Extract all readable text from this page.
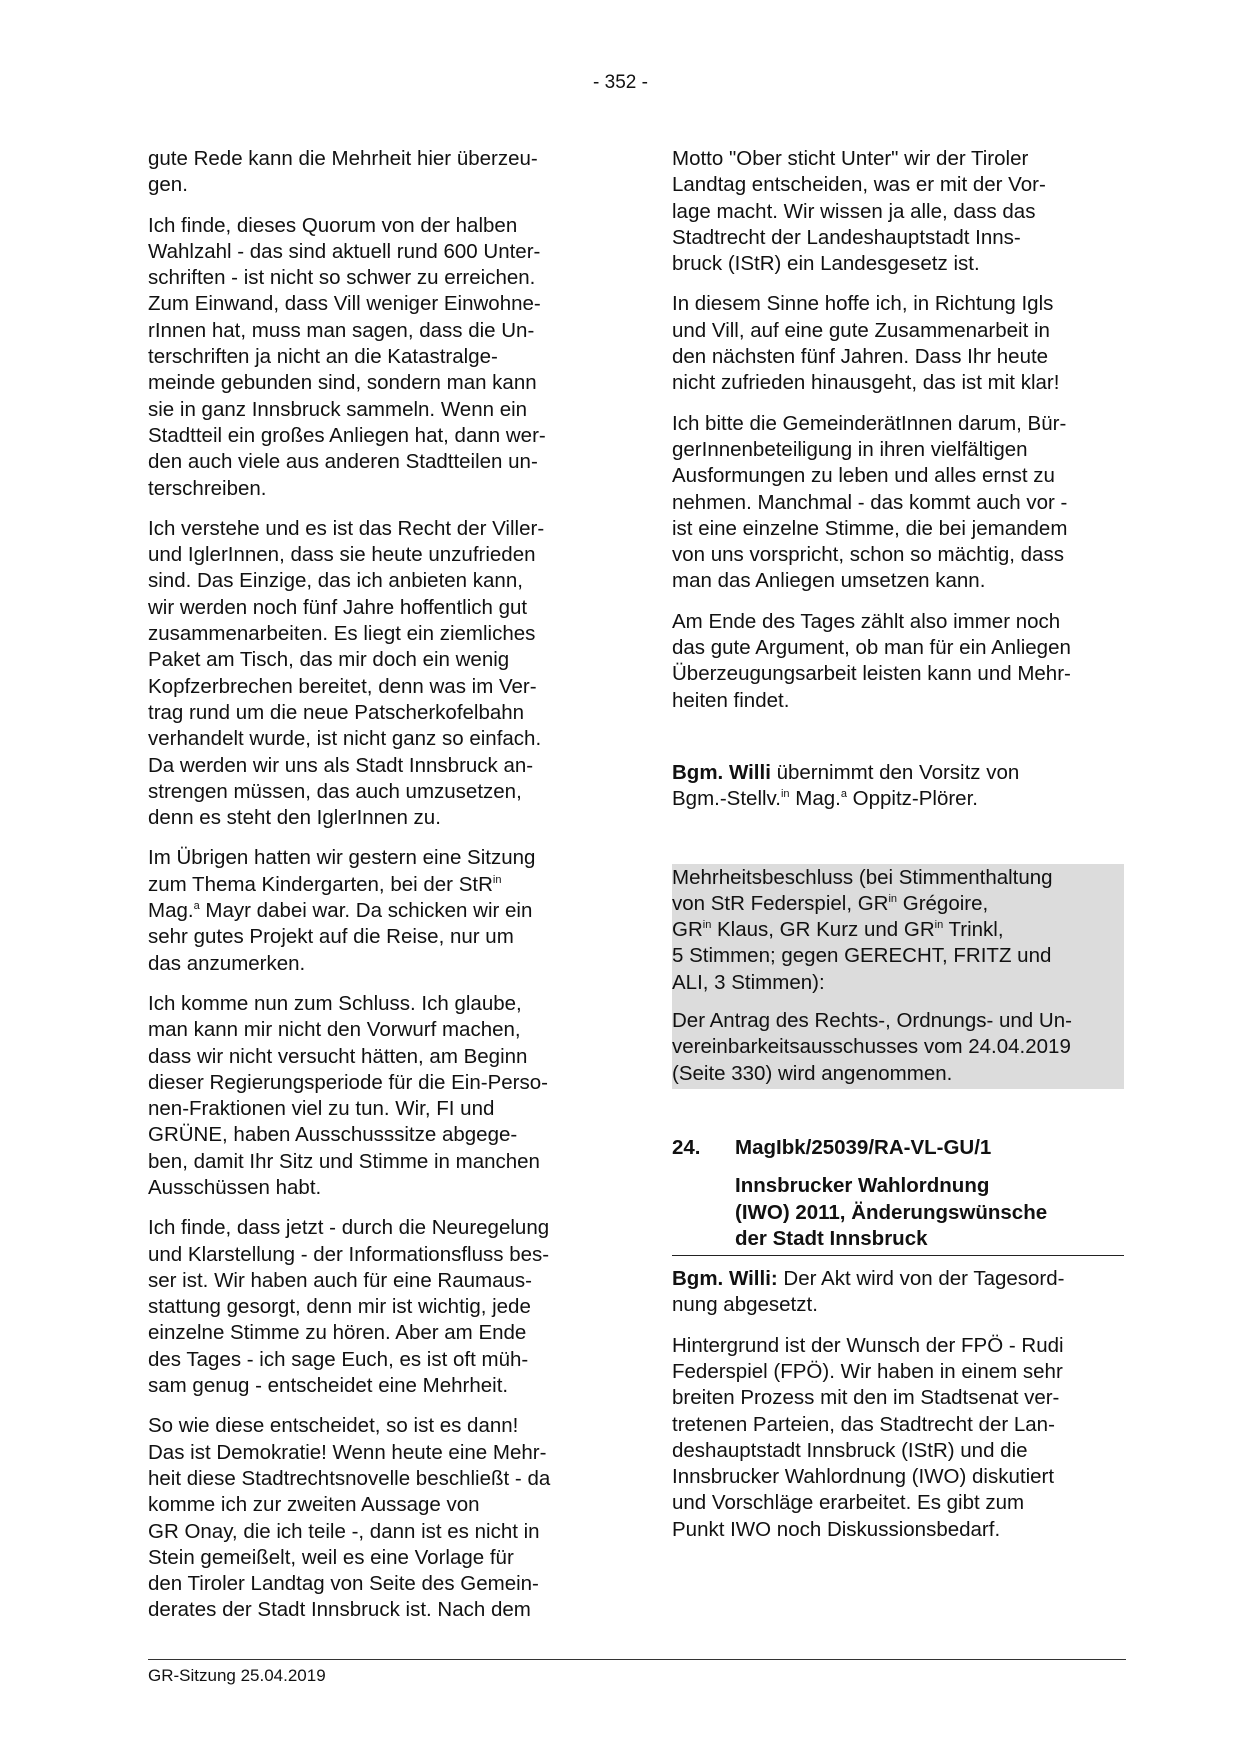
- 352 -
gute Rede kann die Mehrheit hier überzeu-
gen.
Ich finde, dieses Quorum von der halben
Wahlzahl - das sind aktuell rund 600 Unter-
schriften - ist nicht so schwer zu erreichen.
Zum Einwand, dass Vill weniger Einwohne-
rInnen hat, muss man sagen, dass die Un-
terschriften ja nicht an die Katastralge-
meinde gebunden sind, sondern man kann
sie in ganz Innsbruck sammeln. Wenn ein
Stadtteil ein großes Anliegen hat, dann wer-
den auch viele aus anderen Stadtteilen un-
terschreiben.
Ich verstehe und es ist das Recht der Viller-
und IglerInnen, dass sie heute unzufrieden
sind. Das Einzige, das ich anbieten kann,
wir werden noch fünf Jahre hoffentlich gut
zusammenarbeiten. Es liegt ein ziemliches
Paket am Tisch, das mir doch ein wenig
Kopfzerbrechen bereitet, denn was im Ver-
trag rund um die neue Patscherkofelbahn
verhandelt wurde, ist nicht ganz so einfach.
Da werden wir uns als Stadt Innsbruck an-
strengen müssen, das auch umzusetzen,
denn es steht den IglerInnen zu.
Im Übrigen hatten wir gestern eine Sitzung
zum Thema Kindergarten, bei der StR$^{in}$
Mag.$^a$ Mayr dabei war. Da schicken wir ein
sehr gutes Projekt auf die Reise, nur um
das anzumerken.
Ich komme nun zum Schluss. Ich glaube,
man kann mir nicht den Vorwurf machen,
dass wir nicht versucht hätten, am Beginn
dieser Regierungsperiode für die Ein-Perso-
nen-Fraktionen viel zu tun. Wir, FI und
GRÜNE, haben Ausschusssitze abgege-
ben, damit Ihr Sitz und Stimme in manchen
Ausschüssen habt.
Ich finde, dass jetzt - durch die Neuregelung
und Klarstellung - der Informationsfluss bes-
ser ist. Wir haben auch für eine Raumaus-
stattung gesorgt, denn mir ist wichtig, jede
einzelne Stimme zu hören. Aber am Ende
des Tages - ich sage Euch, es ist oft müh-
sam genug - entscheidet eine Mehrheit.
So wie diese entscheidet, so ist es dann!
Das ist Demokratie! Wenn heute eine Mehr-
heit diese Stadtrechtsnovelle beschließt - da
komme ich zur zweiten Aussage von
GR Onay, die ich teile -, dann ist es nicht in
Stein gemeißelt, weil es eine Vorlage für
den Tiroler Landtag von Seite des Gemein-
derates der Stadt Innsbruck ist. Nach dem
Motto "Ober sticht Unter" wir der Tiroler
Landtag entscheiden, was er mit der Vor-
lage macht. Wir wissen ja alle, dass das
Stadtrecht der Landeshauptstadt Inns-
bruck (IStR) ein Landesgesetz ist.
In diesem Sinne hoffe ich, in Richtung Igls
und Vill, auf eine gute Zusammenarbeit in
den nächsten fünf Jahren. Dass Ihr heute
nicht zufrieden hinausgeht, das ist mit klar!
Ich bitte die GemeinderätInnen darum, Bür-
gerInnenbeteiligung in ihren vielfältigen
Ausformungen zu leben und alles ernst zu
nehmen. Manchmal - das kommt auch vor -
ist eine einzelne Stimme, die bei jemandem
von uns vorspricht, schon so mächtig, dass
man das Anliegen umsetzen kann.
Am Ende des Tages zählt also immer noch
das gute Argument, ob man für ein Anliegen
Überzeugungsarbeit leisten kann und Mehr-
heiten findet.
Bgm. Willi übernimmt den Vorsitz von
Bgm.-Stellv.$^{in}$ Mag.$^a$ Oppitz-Plörer.
Mehrheitsbeschluss (bei Stimmenthaltung
von StR Federspiel, $GR^{in}$ Grégoire,
$GR^{in}$ Klaus, GR Kurz und $GR^{in}$ Trinkl,
5 Stimmen; gegen GERECHT, FRITZ und
ALI, 3 Stimmen):
Der Antrag des Rechts-, Ordnungs- und Un-
vereinbarkeitsausschusses vom 24.04.2019
(Seite 330) wird angenommen.
24.	MagIbk/25039/RA-VL-GU/1
Innsbrucker Wahlordnung
(IWO) 2011, Änderungswünsche
der Stadt Innsbruck
Bgm. Willi: Der Akt wird von der Tagesord-
nung abgesetzt.
Hintergrund ist der Wunsch der FPÖ - Rudi
Federspiel (FPÖ). Wir haben in einem sehr
breiten Prozess mit den im Stadtsenat ver-
tretenen Parteien, das Stadtrecht der Lan-
deshauptstadt Innsbruck (IStR) und die
Innsbrucker Wahlordnung (IWO) diskutiert
und Vorschläge erarbeitet. Es gibt zum
Punkt IWO noch Diskussionsbedarf.
GR-Sitzung 25.04.2019
